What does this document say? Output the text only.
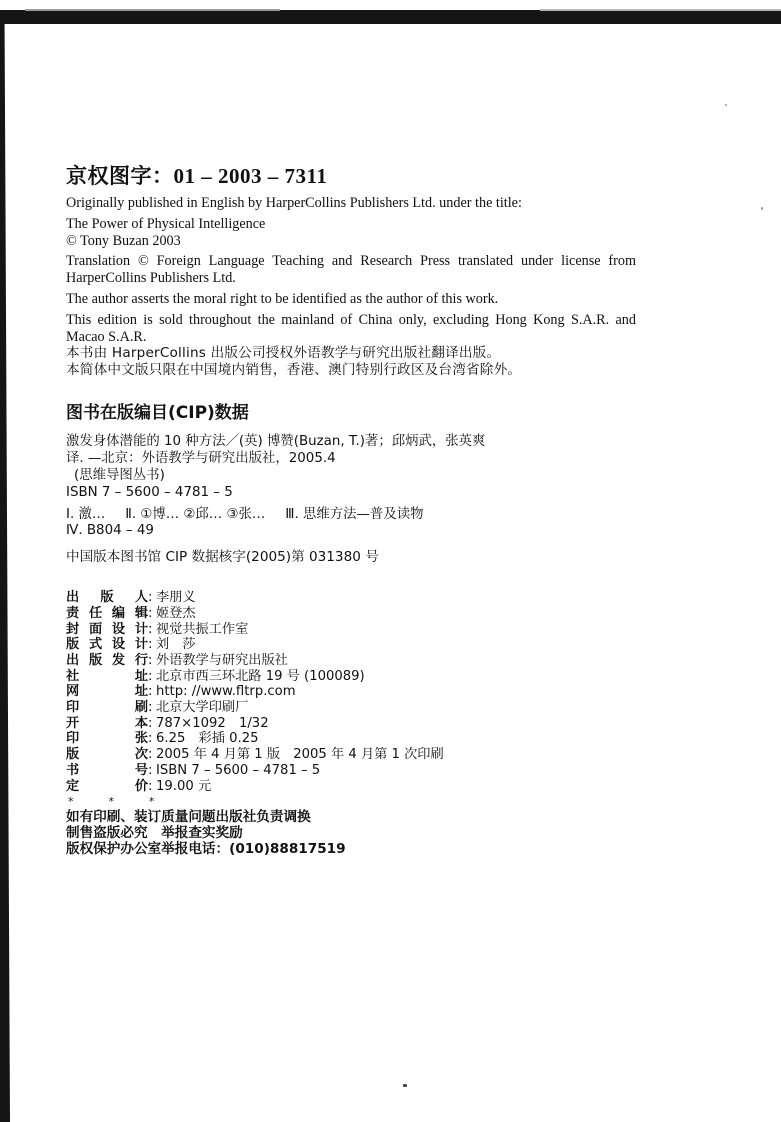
京权图字：01 – 2003 – 7311

Originally published in English by HarperCollins Publishers Ltd. under the title:

The Power of Physical Intelligence

© Tony Buzan 2003

Translation © Foreign Language Teaching and Research Press translated under license from HarperCollins Publishers Ltd.

The author asserts the moral right to be identified as the author of this work.

This edition is sold throughout the mainland of China only, excluding Hong Kong S.A.R. and Macao S.A.R.

本书由 HarperCollins 出版公司授权外语教学与研究出版社翻译出版。

本简体中文版只限在中国境内销售，香港、澳门特别行政区及台湾省除外。

图书在版编目(CIP)数据
激发身体潜能的 10 种方法／(英) 博赞(Buzan, T.)著；邱炳武，张英爽
译. —北京：外语教学与研究出版社，2005.4
(思维导图丛书)
ISBN 7 – 5600 – 4781 – 5
Ⅰ. 激… Ⅱ. ①博… ②邱… ③张… Ⅲ. 思维方法—普及读物
Ⅳ. B804 – 49
中国版本图书馆 CIP 数据核字(2005)第 031380 号
出 版 人 : 李朋义
责 任 编 辑 : 姬登杰
封 面 设 计 : 视觉共振工作室
版 式 设 计 : 刘　莎
出 版 发 行 : 外语教学与研究出版社
社	址 : 北京市西三环北路 19 号 (100089)
网	址 : http: //www.fltrp.com
印	刷 : 北京大学印刷厂
开	本 : 787×1092　1/32
印	张 : 6.25　彩插 0.25
版	次 : 2005 年 4 月第 1 版　2005 年 4 月第 1 次印刷
书	号 : ISBN 7 – 5600 – 4781 – 5
定	价 : 19.00 元
*          *          *
如有印刷、装订质量问题出版社负责调换
制售盗版必究　举报查实奖励
版权保护办公室举报电话：(010)88817519
